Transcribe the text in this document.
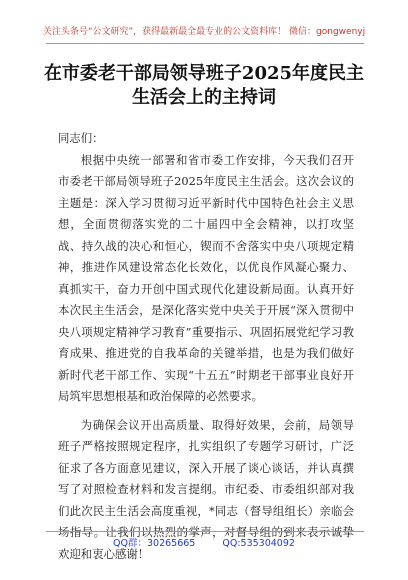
关注头条号“公文研究”，获得最新最全最专业的公文资料库！ 微信：gongwenyj
在市委老干部局领导班子2025年度民主
生活会上的主持词

同志们：

根据中央统一部署和省市委工作安排，今天我们召开市委老干部局领导班子2025年度民主生活会。这次会议的主题是：深入学习贯彻习近平新时代中国特色社会主义思想，全面贯彻落实党的二十届四中全会精神，以打攻坚战、持久战的决心和恒心，锲而不舍落实中央八项规定精神，推进作风建设常态化长效化，以优良作风凝心聚力、真抓实干，奋力开创中国式现代化建设新局面。认真开好本次民主生活会，是深化落实党中央关于开展“深入贯彻中央八项规定精神学习教育”重要指示、巩固拓展党纪学习教育成果、推进党的自我革命的关键举措，也是为我们做好新时代老干部工作、实现“十五五”时期老干部事业良好开局筑牢思想根基和政治保障的必然要求。

为确保会议开出高质量、取得好效果，会前，局领导班子严格按照规定程序，扎实组织了专题学习研讨，广泛征求了各方面意见建议，深入开展了谈心谈话，并认真撰写了对照检查材料和发言提纲。市纪委、市委组织部对我们此次民主生活会高度重视，*同志（督导组组长）亲临会场指导。让我们以热烈的掌声，对督导组的到来表示诚挚欢迎和衷心感谢！

QQ群：30265665	QQ:535304092
